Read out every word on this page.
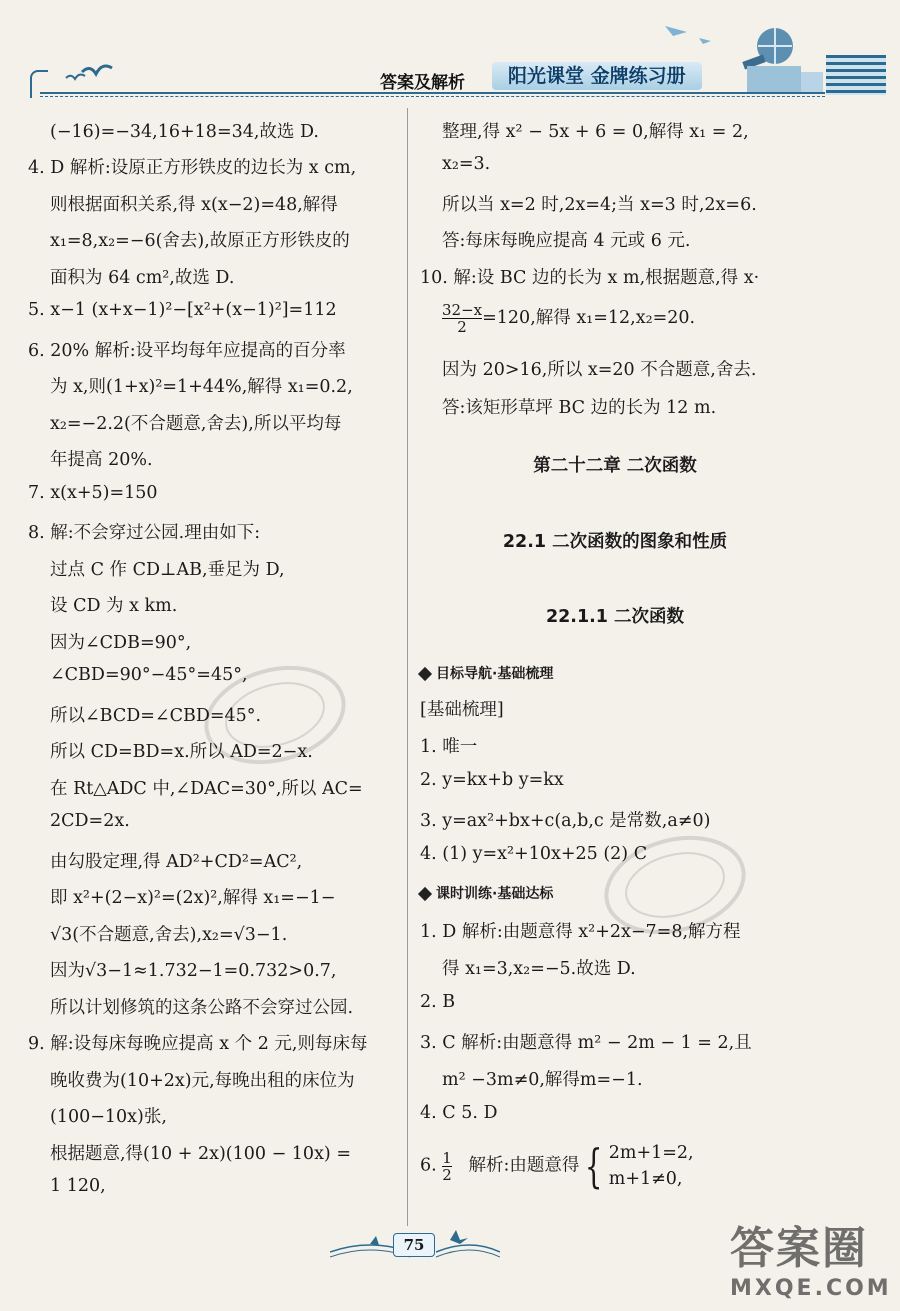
答案及解析	阳光课堂 金牌练习册
(−16)=−34,16+18=34,故选 D.
4. D 解析:设原正方形铁皮的边长为 x cm,
则根据面积关系,得 x(x−2)=48,解得
x₁=8,x₂=−6(舍去),故原正方形铁皮的
面积为 64 cm²,故选 D.
5. x−1 (x+x−1)²−[x²+(x−1)²]=112
6. 20% 解析:设平均每年应提高的百分率
为 x,则(1+x)²=1+44%,解得 x₁=0.2,
x₂=−2.2(不合题意,舍去),所以平均每
年提高 20%.
7. x(x+5)=150
8. 解:不会穿过公园.理由如下:
过点 C 作 CD⊥AB,垂足为 D,
设 CD 为 x km.
因为∠CDB=90°,
∠CBD=90°−45°=45°,
所以∠BCD=∠CBD=45°.
所以 CD=BD=x.所以 AD=2−x.
在 Rt△ADC 中,∠DAC=30°,所以 AC=
2CD=2x.
由勾股定理,得 AD²+CD²=AC²,
即 x²+(2−x)²=(2x)²,解得 x₁=−1−
√3(不合题意,舍去),x₂=√3−1.
因为√3−1≈1.732−1=0.732>0.7,
所以计划修筑的这条公路不会穿过公园.
9. 解:设每床每晚应提高 x 个 2 元,则每床每
晚收费为(10+2x)元,每晚出租的床位为
(100−10x)张,
根据题意,得(10 + 2x)(100 − 10x) =
1 120,
整理,得 x² − 5x + 6 = 0,解得 x₁ = 2,
x₂=3.
所以当 x=2 时,2x=4;当 x=3 时,2x=6.
答:每床每晚应提高 4 元或 6 元.
10. 解:设 BC 边的长为 x m,根据题意,得 x·
$\frac{32-x}{2} =120$,解得 x₁=12,x₂=20.
因为 20>16,所以 x=20 不合题意,舍去.
答:该矩形草坪 BC 边的长为 12 m.
第二十二章 二次函数
22.1 二次函数的图象和性质
22.1.1 二次函数
目标导航·基础梳理
[基础梳理]
1. 唯一
2. y=kx+b y=kx
3. y=ax²+bx+c(a,b,c 是常数,a≠0)
4. (1) y=x²+10x+25 (2) C
课时训练·基础达标
1. D 解析:由题意得 x²+2x−7=8,解方程
得 x₁=3,x₂=−5.故选 D.
2. B
3. C 解析:由题意得 m² − 2m − 1 = 2,且
m² −3m≠0,解得m=−1.
4. C 5. D
6. $\frac{1}{2}$ 解析:由题意得 { 2m+1=2,
m+1≠0,
75	答案圈
MXQE.COM
